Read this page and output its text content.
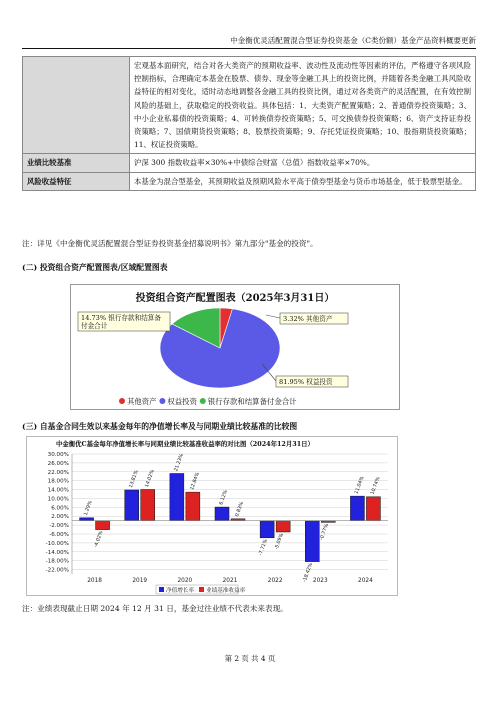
中金衡优灵活配置混合型证券投资基金（C类份额）基金产品资料概要更新
	宏观基本面研究，结合对各大类资产的预期收益率、波动性及流动性等因素的评估，严格遵守各项风险控制指标，合理确定本基金在股票、债券、现金等金融工具上的投资比例，并随着各类金融工具风险收益特征的相对变化，适时动态地调整各金融工具的投资比例，通过对各类资产的灵活配置，在有效控制风险的基础上，获取稳定的投资收益。具体包括：1、大类资产配置策略；2、普通债券投资策略；3、中小企业私募债的投资策略；4、可转换债券投资策略；5、可交换债券投资策略；6、资产支持证券投资策略；7、国债期货投资策略；8、股票投资策略；9、存托凭证投资策略；10、股指期货投资策略；11、权证投资策略。
业绩比较基准	沪深 300 指数收益率×30%+中债综合财富（总值）指数收益率×70%。
风险收益特征	本基金为混合型基金，其预期收益及预期风险水平高于债券型基金与货币市场基金，低于股票型基金。
注：详见《中金衡优灵活配置混合型证券投资基金招募说明书》第九部分"基金的投资"。
(二) 投资组合资产配置图表/区域配置图表
投资组合资产配置图表（2025年3月31日）
3.32% 其他资产
81.95% 权益投资
14.73% 银行存款和结算备
付金合计
其他资产 权益投资 银行存款和结算备付金合计
(三) 自基金合同生效以来基金每年的净值增长率及与同期业绩比较基准的比较图
中金衡优C基金每年净值增长率与同期业绩比较基准收益率的对比图（2024年12月31日）
30.00%
26.00%
22.00%
18.00%
14.00%
10.00%
6.00%
2.00%
-2.00%
-6.00%
-10.00%
-14.00%
-18.00%
-22.00%
2018
1.29%
-4.02%
2019
13.81% 14.02%
2020
21.23%
12.84%
2021
6.12%
0.83%
2022
-7.71% -5.09%
2023
-18.42%
-0.77%
2024
11.04% 10.74%
净值增长率 业绩基准收益率
注：业绩表现截止日期 2024 年 12 月 31 日，基金过往业绩不代表未来表现。
第 2 页 共 4 页
